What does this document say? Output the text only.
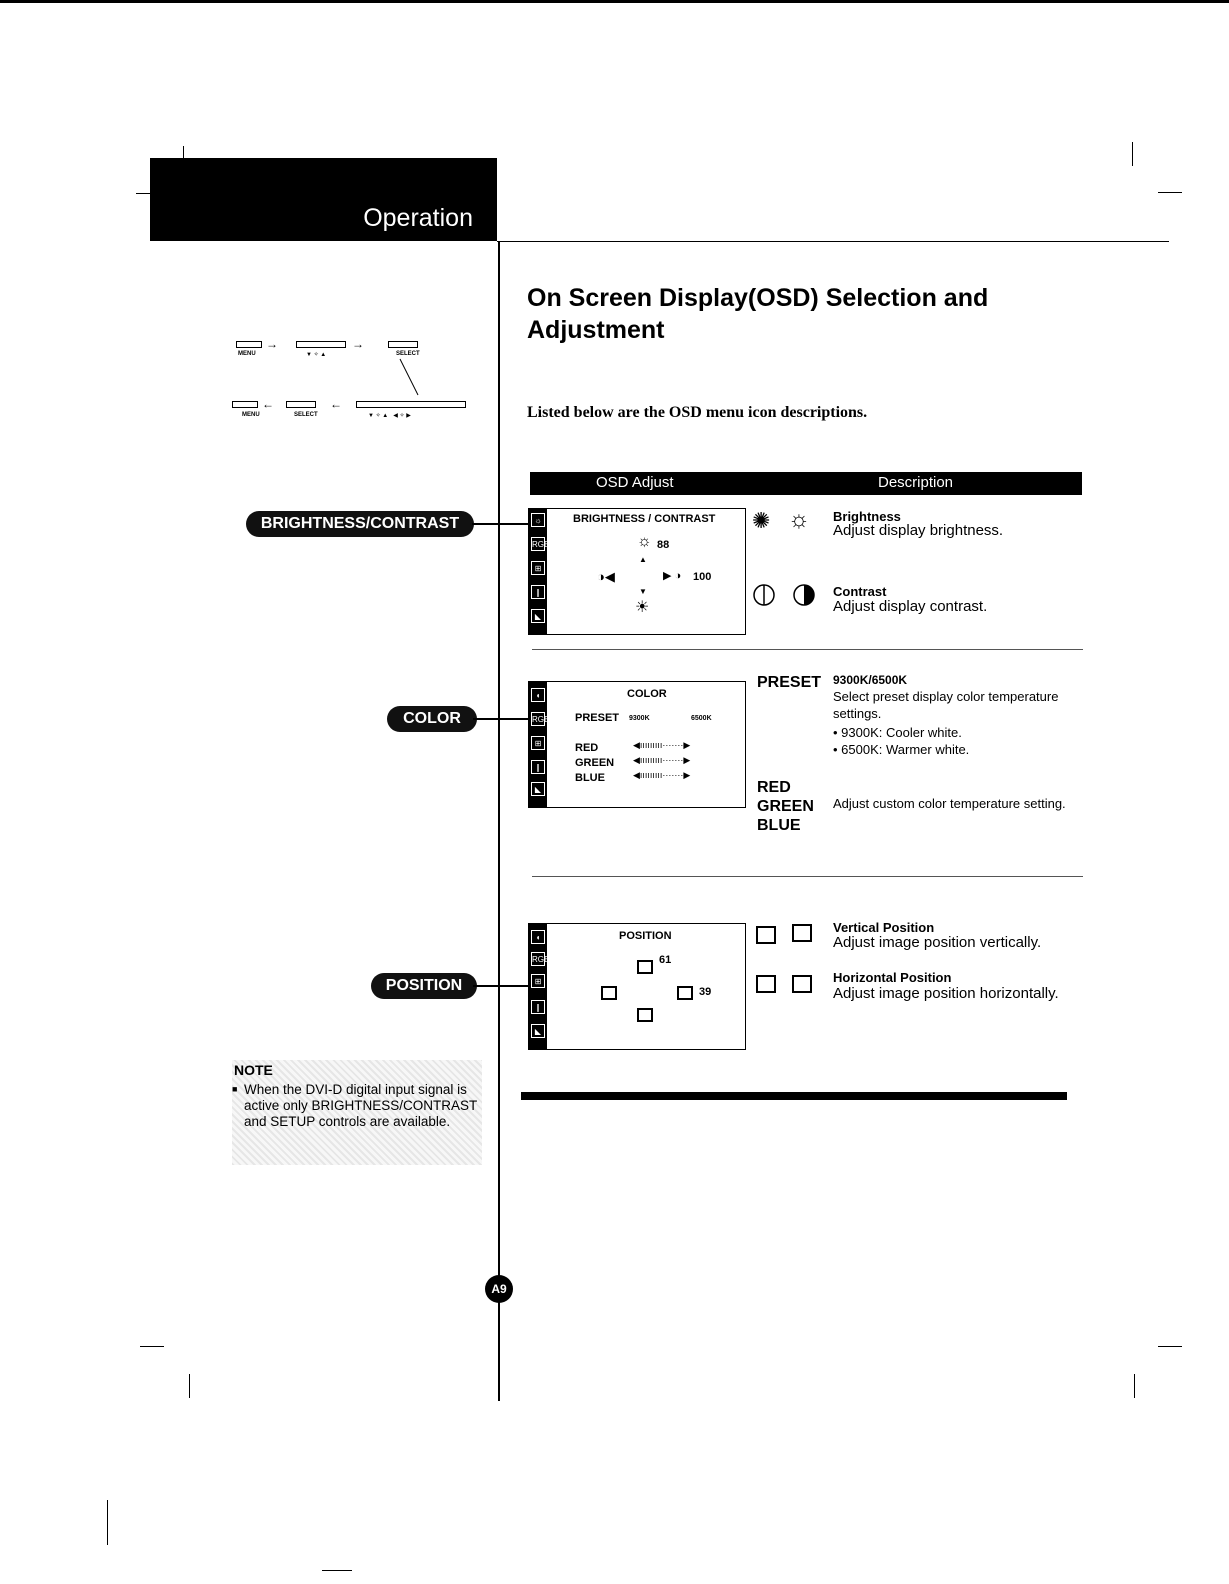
Operation
On Screen Display(OSD) Selection and Adjustment
Listed below are the OSD menu icon descriptions.
MENU
→
▼ ✧ ▲
→
SELECT
MENU
←
SELECT
←
▼ ✧ ▲   ◀ ✧ ▶
OSD Adjust	Description
BRIGHTNESS/CONTRAST	☼
RGB
⊞
∥
◣
BRIGHTNESS / CONTRAST
☼ 88
▲
◑◀	▶ ◑ 100
▼
☀
✺ ☼ Brightness
Adjust display brightness.
Contrast
Adjust display contrast.
COLOR
◖
RGB
⊞
∥
◣
COLOR
PRESET 9300K	6500K
RED
GREEN
BLUE
◀ııııııııı·······▶
◀ııııııııı·······▶
◀ııııııııı·······▶
PRESET 9300K/6500K
Select preset display color temperature settings.
• 9300K: Cooler white.
• 6500K: Warmer white.
RED
GREEN
BLUE
Adjust custom color temperature setting.
POSITION
◖
RGB
⊞
∥
◣
POSITION
61
39
Vertical Position
Adjust image position vertically.
Horizontal Position
Adjust image position horizontally.
NOTE
■ When the DVI-D digital input signal is active only BRIGHTNESS/CONTRAST and SETUP controls are available.
A9
